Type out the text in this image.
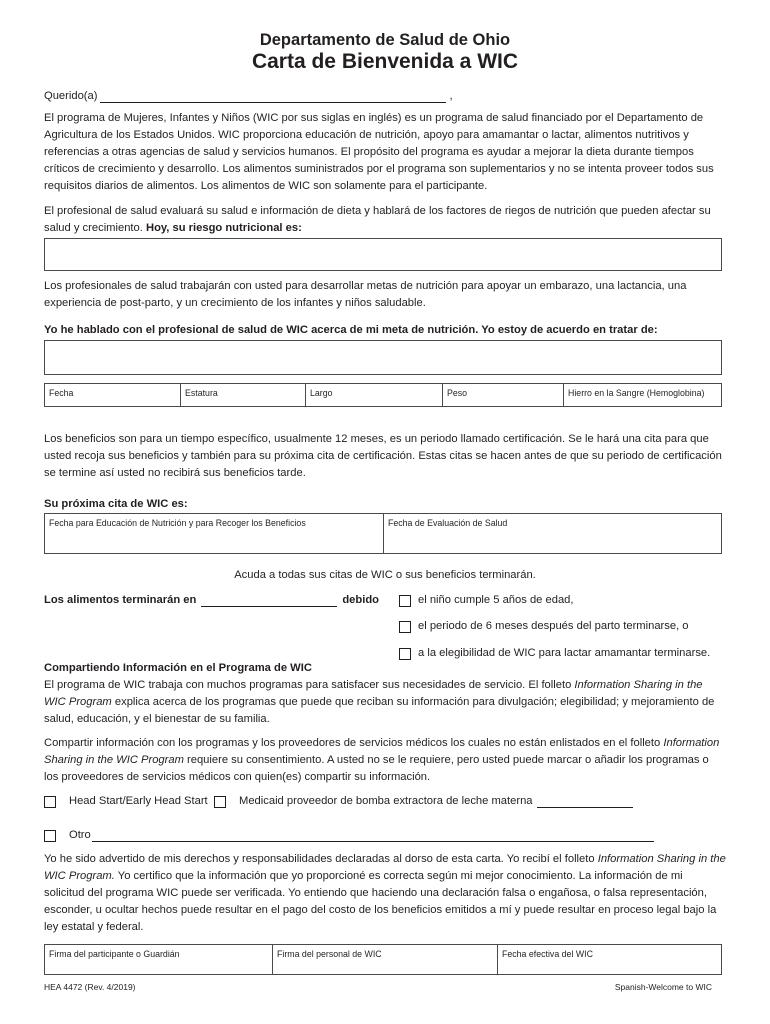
Departamento de Salud de Ohio
Carta de Bienvenida a WIC
Querido(a)	,

El programa de Mujeres, Infantes y Niños (WIC por sus siglas en inglés) es un programa de salud financiado por el Departamento de Agricultura de los Estados Unidos. WIC proporciona educación de nutrición, apoyo para amamantar o lactar, alimentos nutritivos y referencias a otras agencias de salud y servicios humanos. El propósito del programa es ayudar a mejorar la dieta durante tiempos críticos de crecimiento y desarrollo. Los alimentos suministrados por el programa son suplementarios y no se intenta proveer todos sus requisitos diarios de alimentos. Los alimentos de WIC son solamente para el participante.

El profesional de salud evaluará su salud e información de dieta y hablará de los factores de riegos de nutrición que pueden afectar su salud y crecimiento. Hoy, su riesgo nutricional es:

Los profesionales de salud trabajarán con usted para desarrollar metas de nutrición para apoyar un embarazo, una lactancia, una experiencia de post-parto, y un crecimiento de los infantes y niños saludable.

Yo he hablado con el profesional de salud de WIC acerca de mi meta de nutrición. Yo estoy de acuerdo en tratar de:

Fecha	Estatura	Largo	Peso	Hierro en la Sangre (Hemoglobina)

Los beneficios son para un tiempo específico, usualmente 12 meses, es un periodo llamado certificación. Se le hará una cita para que usted recoja sus beneficios y también para su próxima cita de certificación. Estas citas se hacen antes de que su periodo de certificación se termine así usted no recibirá sus beneficios tarde.

Su próxima cita de WIC es:

Fecha para Educación de Nutrición y para Recoger los Beneficios	Fecha de Evaluación de Salud

Acuda a todas sus citas de WIC o sus beneficios terminarán.

Los alimentos terminarán en	debido	el niño cumple 5 años de edad,
el periodo de 6 meses después del parto terminarse, o
a la elegibilidad de WIC para lactar amamantar terminarse.

Compartiendo Información en el Programa de WIC

El programa de WIC trabaja con muchos programas para satisfacer sus necesidades de servicio. El folleto Information Sharing in the WIC Program explica acerca de los programas que puede que reciban su información para divulgación; elegibilidad; y mejoramiento de salud, educación, y el bienestar de su familia.

Compartir información con los programas y los proveedores de servicios médicos los cuales no están enlistados en el folleto Information Sharing in the WIC Program requiere su consentimiento. A usted no se le requiere, pero usted puede marcar o añadir los programas o los proveedores de servicios médicos con quien(es) compartir su información.

Head Start/Early Head Start	Medicaid proveedor de bomba extractora de leche materna
Otro

Yo he sido advertido de mis derechos y responsabilidades declaradas al dorso de esta carta. Yo recibí el folleto Information Sharing in the WIC Program. Yo certifico que la información que yo proporcioné es correcta según mi mejor conocimiento. La información de mi solicitud del programa WIC puede ser verificada. Yo entiendo que haciendo una declaración falsa o engañosa, o falsa representación, esconder, u ocultar hechos puede resultar en el pago del costo de los beneficios emitidos a mí y puede resultar en proceso legal bajo la ley estatal y federal.

Firma del participante o Guardián	Firma del personal de WIC	Fecha efectiva del WIC
HEA 4472 (Rev. 4/2019)	Spanish-Welcome to WIC
